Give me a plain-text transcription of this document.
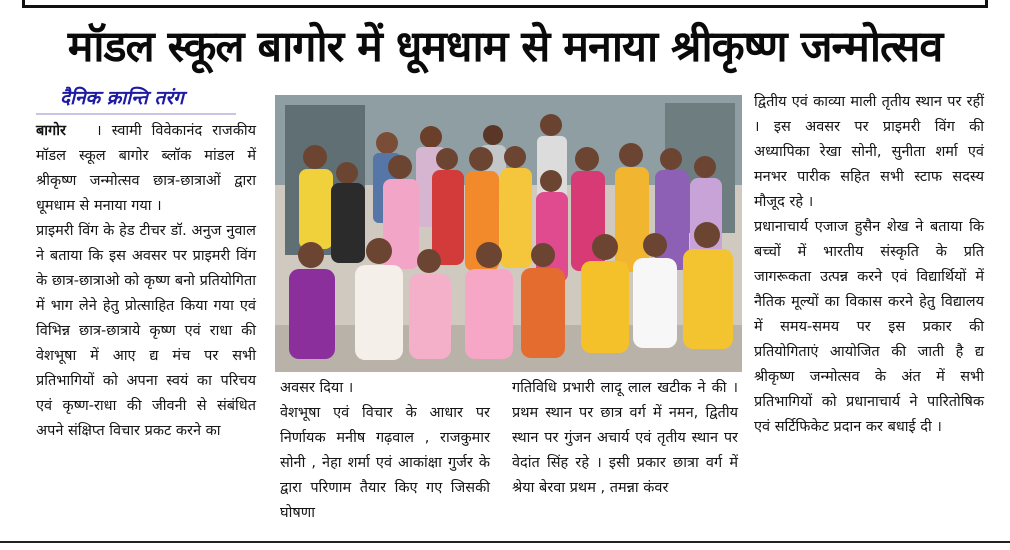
मॉडल स्कूल बागोर में धूमधाम से मनाया श्रीकृष्ण जन्मोत्सव
दैनिक क्रान्ति तरंग

बागोर । स्वामी विवेकानंद राजकीय मॉडल स्कूल बागोर ब्लॉक मांडल में श्रीकृष्ण जन्मोत्सव छात्र-छात्राओं द्वारा धूमधाम से मनाया गया ।

प्राइमरी विंग के हेड टीचर डॉ. अनुज नुवाल ने बताया कि इस अवसर पर प्राइमरी विंग के छात्र-छात्राओ को कृष्ण बनो प्रतियोगिता में भाग लेने हेतु प्रोत्साहित किया गया एवं विभिन्न छात्र-छात्राये कृष्ण एवं राधा की वेशभूषा में आए द्य मंच पर सभी प्रतिभागियों को अपना स्वयं का परिचय एवं कृष्ण-राधा की जीवनी से संबंधित अपने संक्षिप्त विचार प्रकट करने का

अवसर दिया ।

वेशभूषा एवं विचार के आधार पर निर्णायक मनीष गढ़वाल , राजकुमार सोनी , नेहा शर्मा एवं आकांक्षा गुर्जर के द्वारा परिणाम तैयार किए गए जिसकी घोषणा

गतिविधि प्रभारी लादू लाल खटीक ने की । प्रथम स्थान पर छात्र वर्ग में नमन, द्वितीय स्थान पर गुंजन अचार्य एवं तृतीय स्थान पर वेदांत सिंह रहे । इसी प्रकार छात्रा वर्ग में श्रेया बेरवा प्रथम , तमन्ना कंवर

द्वितीय एवं काव्या माली तृतीय स्थान पर रहीं । इस अवसर पर प्राइमरी विंग की अध्यापिका रेखा सोनी, सुनीता शर्मा एवं मनभर पारीक सहित सभी स्टाफ सदस्य मौजूद रहे ।

प्रधानाचार्य एजाज हुसैन शेख ने बताया कि बच्चों में भारतीय संस्कृति के प्रति जागरूकता उत्पन्न करने एवं विद्यार्थियों में नैतिक मूल्यों का विकास करने हेतु विद्यालय में समय-समय पर इस प्रकार की प्रतियोगिताएं आयोजित की जाती है द्य श्रीकृष्ण जन्मोत्सव के अंत में सभी प्रतिभागियों को प्रधानाचार्य ने पारितोषिक एवं सर्टिफिकेट प्रदान कर बधाई दी ।
